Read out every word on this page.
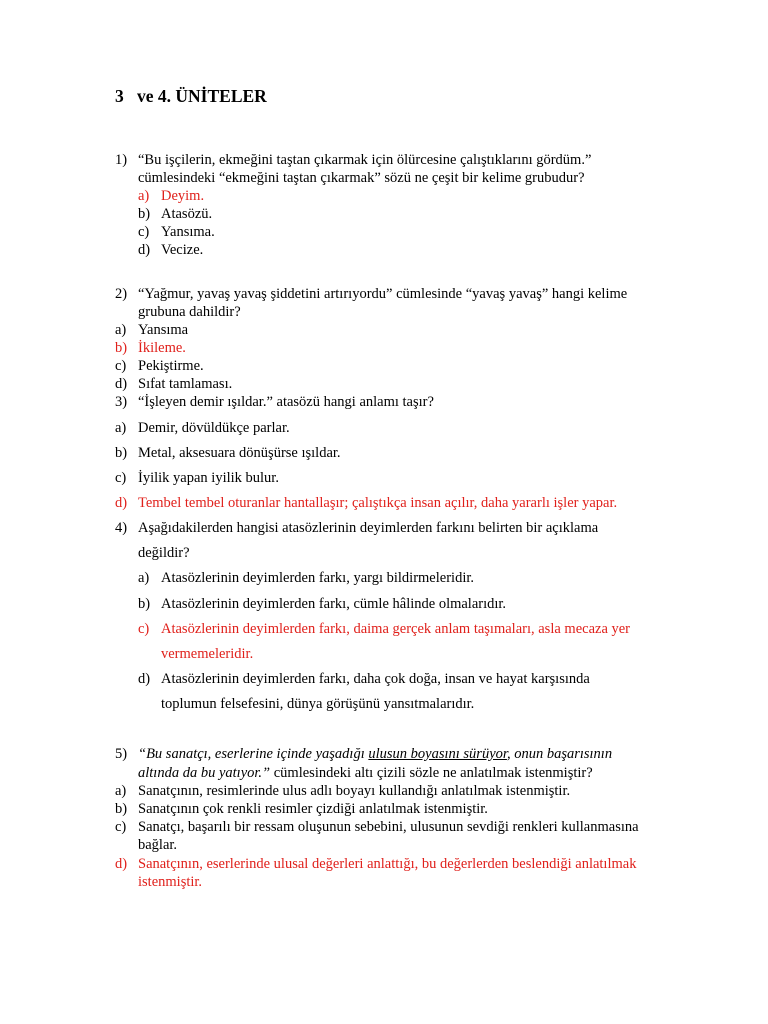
3 ve 4. ÜNİTELER
1) “Bu işçilerin, ekmeğini taştan çıkarmak için ölürcesine çalıştıklarını gördüm.”
cümlesindeki “ekmeğini taştan çıkarmak” sözü ne çeşit bir kelime grubudur?
a) Deyim.
b) Atasözü.
c) Yansıma.
d) Vecize.
2) “Yağmur, yavaş yavaş şiddetini artırıyordu” cümlesinde “yavaş yavaş” hangi kelime
grubuna dahildir?
a) Yansıma
b) İkileme.
c) Pekiştirme.
d) Sıfat tamlaması.
3) “İşleyen demir ışıldar.” atasözü hangi anlamı taşır?
a) Demir, dövüldükçe parlar.
b) Metal, aksesuara dönüşürse ışıldar.
c) İyilik yapan iyilik bulur.
d) Tembel tembel oturanlar hantallaşır; çalıştıkça insan açılır, daha yararlı işler yapar.
4) Aşağıdakilerden hangisi atasözlerinin deyimlerden farkını belirten bir açıklama
değildir?
a) Atasözlerinin deyimlerden farkı, yargı bildirmeleridir.
b) Atasözlerinin deyimlerden farkı, cümle hâlinde olmalarıdır.
c) Atasözlerinin deyimlerden farkı, daima gerçek anlam taşımaları, asla mecaza yer
vermemeleridir.
d) Atasözlerinin deyimlerden farkı, daha çok doğa, insan ve hayat karşısında
toplumun felsefesini, dünya görüşünü yansıtmalarıdır.
5) “Bu sanatçı, eserlerine içinde yaşadığı ulusun boyasını sürüyor, onun başarısının
altında da bu yatıyor.” cümlesindeki altı çizili sözle ne anlatılmak istenmiştir?
a) Sanatçının, resimlerinde ulus adlı boyayı kullandığı anlatılmak istenmiştir.
b) Sanatçının çok renkli resimler çizdiği anlatılmak istenmiştir.
c) Sanatçı, başarılı bir ressam oluşunun sebebini, ulusunun sevdiği renkleri kullanmasına
bağlar.
d) Sanatçının, eserlerinde ulusal değerleri anlattığı, bu değerlerden beslendiği anlatılmak
istenmiştir.
